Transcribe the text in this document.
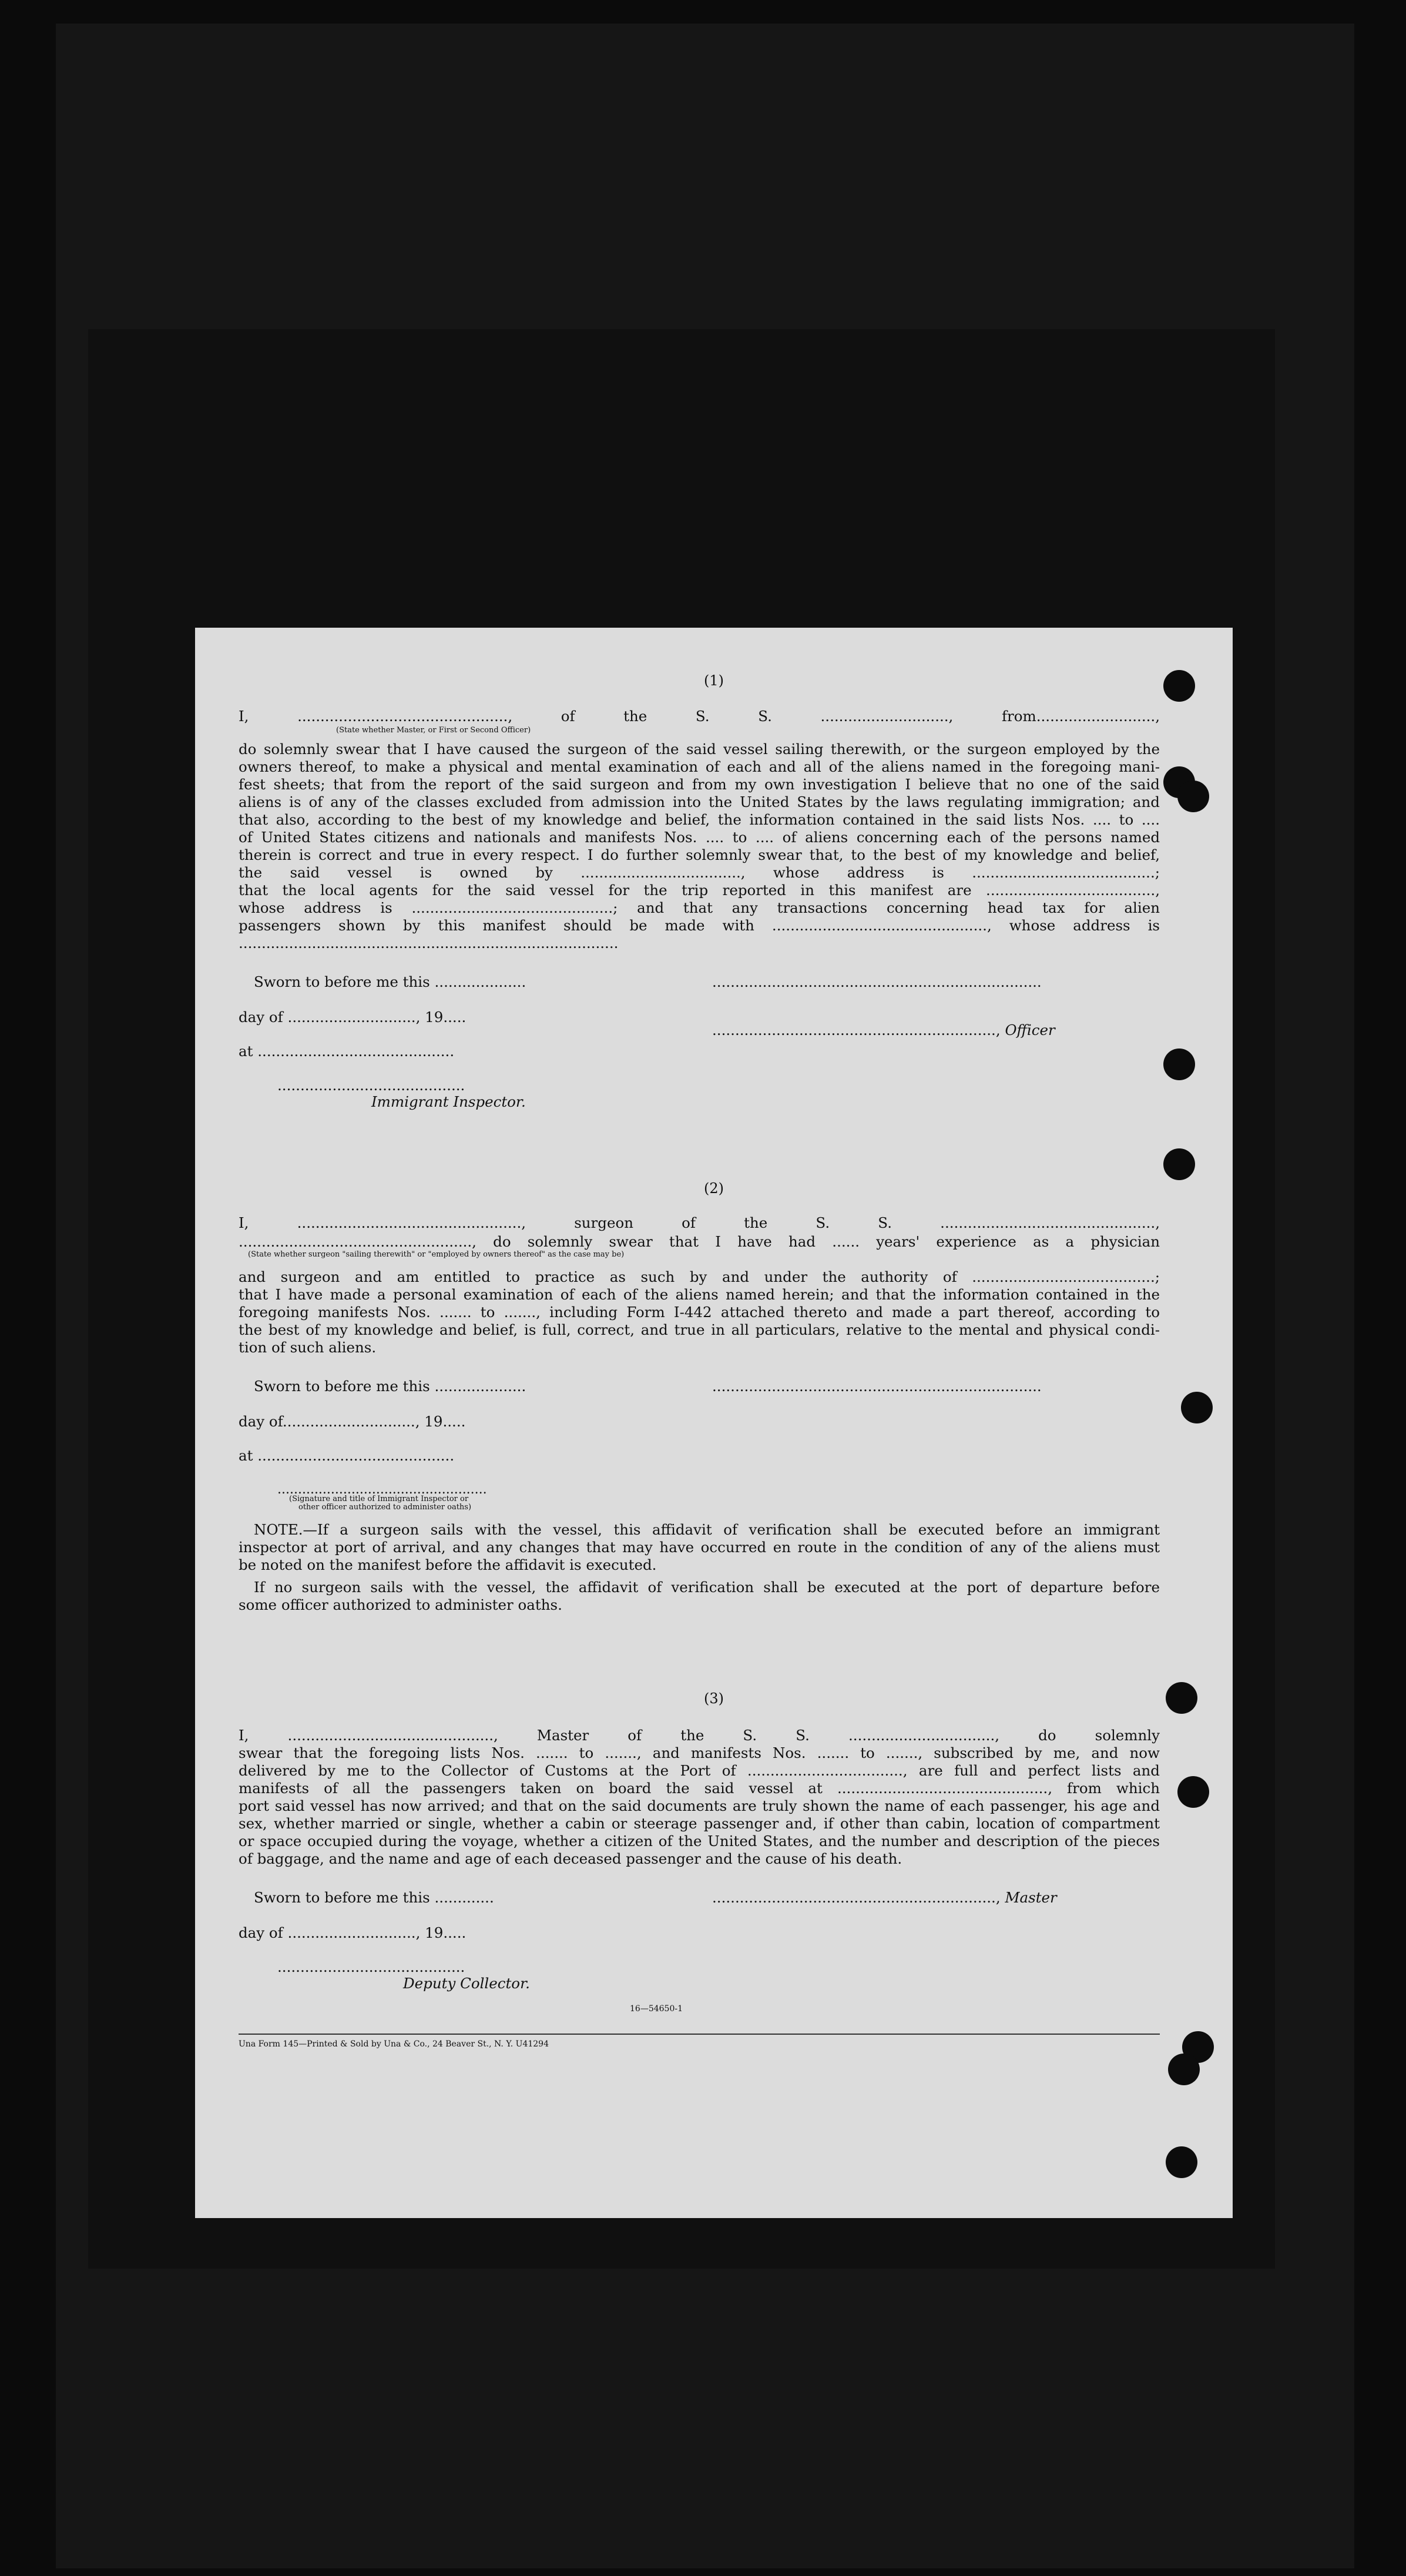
(1)
I, .............................................., of the S. S. ............................, from..........................,
(State whether Master, or First or Second Officer)
do solemnly swear that I have caused the surgeon of the said vessel sailing therewith, or the surgeon employed by the
owners thereof, to make a physical and mental examination of each and all of the aliens named in the foregoing mani-
fest sheets; that from the report of the said surgeon and from my own investigation I believe that no one of the said
aliens is of any of the classes excluded from admission into the United States by the laws regulating immigration; and
that also, according to the best of my knowledge and belief, the information contained in the said lists Nos. .... to ....
of United States citizens and nationals and manifests Nos. .... to .... of aliens concerning each of the persons named
therein is correct and true in every respect. I do further solemnly swear that, to the best of my knowledge and belief,
the said vessel is owned by ..................................., whose address is ........................................;
that the local agents for the said vessel for the trip reported in this manifest are .....................................,
whose address is ............................................; and that any transactions concerning head tax for alien
passengers shown by this manifest should be made with ..............................................., whose address is
...................................................................................
Sworn to before me this ....................	........................................................................
day of ............................, 19.....
at ...........................................
.............................................................., Officer
.........................................
Immigrant Inspector.
(2)
I, ................................................., surgeon of the S. S. ...............................................,
..................................................., do solemnly swear that I have had ...... years' experience as a physician
(State whether surgeon "sailing therewith" or "employed by owners thereof" as the case may be)
and surgeon and am entitled to practice as such by and under the authority of ........................................;
that I have made a personal examination of each of the aliens named herein; and that the information contained in the
foregoing manifests Nos. ....... to ......., including Form I-442 attached thereto and made a part thereof, according to
the best of my knowledge and belief, is full, correct, and true in all particulars, relative to the mental and physical condi-
tion of such aliens.
Sworn to before me this ....................	........................................................................
day of............................., 19.....
at ...........................................
...................................................
(Signature and title of Immigrant Inspector or
other officer authorized to administer oaths)
NOTE.—If a surgeon sails with the vessel, this affidavit of verification shall be executed before an immigrant
inspector at port of arrival, and any changes that may have occurred en route in the condition of any of the aliens must
be noted on the manifest before the affidavit is executed.
If no surgeon sails with the vessel, the affidavit of verification shall be executed at the port of departure before
some officer authorized to administer oaths.
(3)
I, ............................................., Master of the S. S. ................................, do solemnly
swear that the foregoing lists Nos. ....... to ......., and manifests Nos. ....... to ......., subscribed by me, and now
delivered by me to the Collector of Customs at the Port of .................................., are full and perfect lists and
manifests of all the passengers taken on board the said vessel at .............................................., from which
port said vessel has now arrived; and that on the said documents are truly shown the name of each passenger, his age and
sex, whether married or single, whether a cabin or steerage passenger and, if other than cabin, location of compartment
or space occupied during the voyage, whether a citizen of the United States, and the number and description of the pieces
of baggage, and the name and age of each deceased passenger and the cause of his death.
Sworn to before me this .............	.............................................................., Master
day of ............................, 19.....
.........................................
Deputy Collector.
16—54650-1
Una Form 145—Printed & Sold by Una & Co., 24 Beaver St., N. Y. U41294
